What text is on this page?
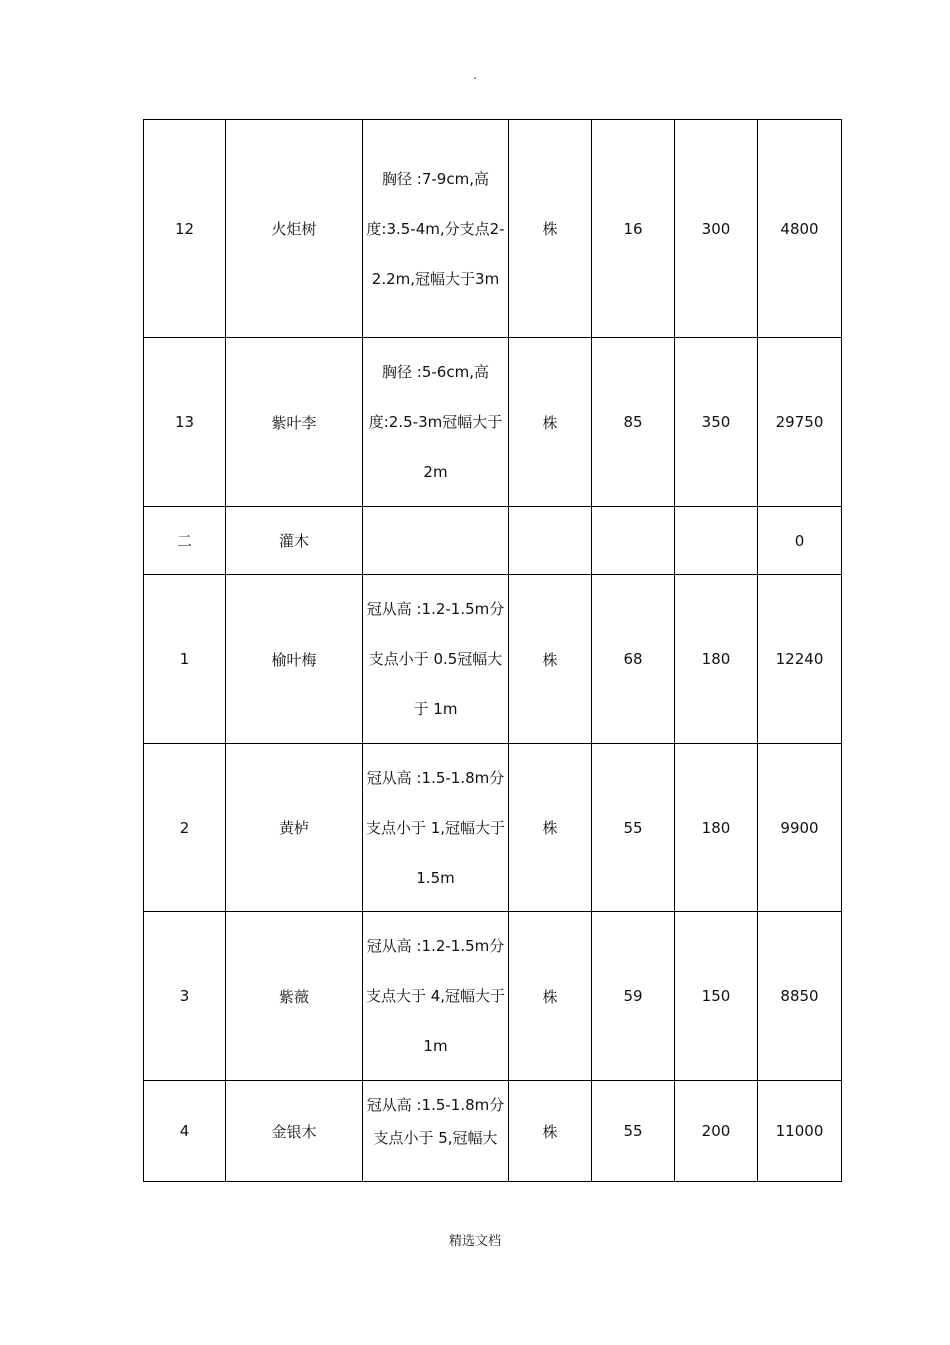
.
12	火炬树	胸径 :7-9cm,高度:3.5-4m,分支点2-2.2m,冠幅大于3m	株	16	300	4800
13	紫叶李	胸径 :5-6cm,高度:2.5-3m冠幅大于2m	株	85	350	29750
二	灌木					0
1	榆叶梅	冠从高 :1.2-1.5m分支点小于 0.5冠幅大于 1m	株	68	180	12240
2	黄栌	冠从高 :1.5-1.8m分支点小于 1,冠幅大于 1.5m	株	55	180	9900
3	紫薇	冠从高 :1.2-1.5m分支点大于 4,冠幅大于 1m	株	59	150	8850
4	金银木	冠从高 :1.5-1.8m分支点小于 5,冠幅大	株	55	200	11000
精选文档
